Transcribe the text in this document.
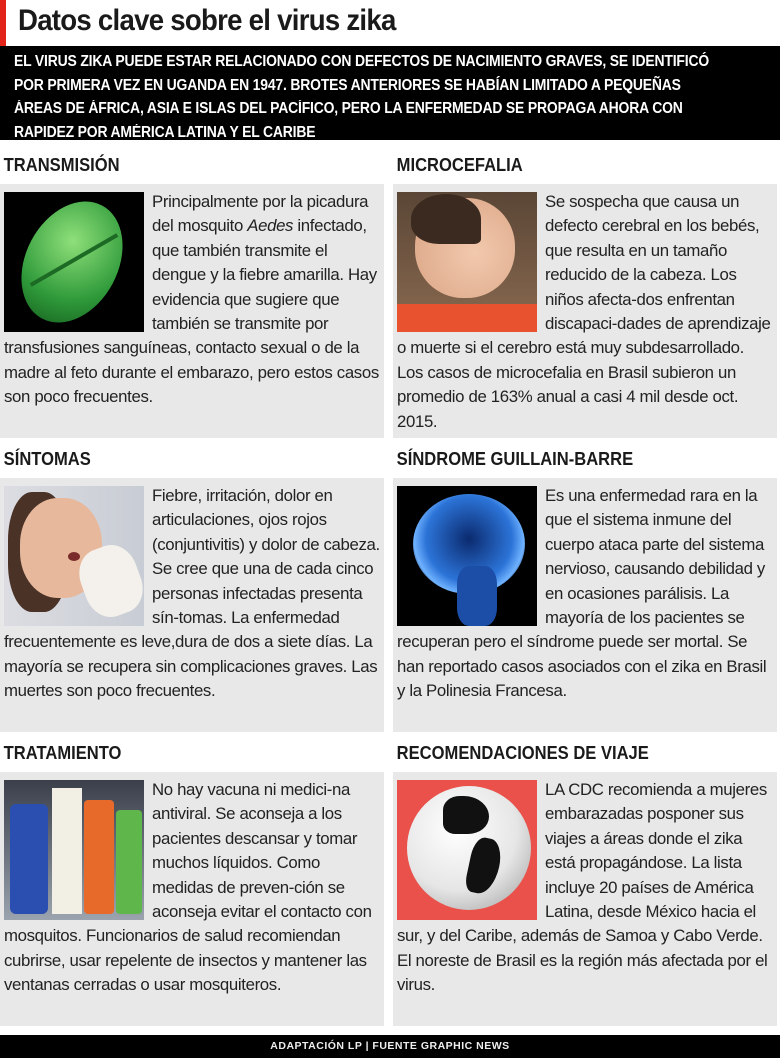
Datos clave sobre el virus zika
EL VIRUS ZIKA PUEDE ESTAR RELACIONADO CON DEFECTOS DE NACIMIENTO GRAVES, SE IDENTIFICÓ
POR PRIMERA VEZ EN UGANDA EN 1947. BROTES ANTERIORES SE HABÍAN LIMITADO A PEQUEÑAS
ÁREAS DE ÁFRICA, ASIA E ISLAS DEL PACÍFICO, PERO LA ENFERMEDAD SE PROPAGA AHORA CON
RAPIDEZ POR AMÉRICA LATINA Y EL CARIBE
TRANSMISIÓN

Principalmente por la picadura del mosquito Aedes infectado, que también transmite el dengue y la fiebre amarilla. Hay evidencia que sugiere que también se transmite por transfusiones sanguíneas, contacto sexual o de la madre al feto durante el embarazo, pero estos casos son poco frecuentes.

MICROCEFALIA

Se sospecha que causa un defecto cerebral en los bebés, que resulta en un tamaño reducido de la cabeza. Los niños afecta-dos enfrentan discapaci-dades de aprendizaje o muerte si el cerebro está muy subdesarrollado. Los casos de microcefalia en Brasil subieron un promedio de 163% anual a casi 4 mil desde oct. 2015.

SÍNTOMAS

Fiebre, irritación, dolor en articulaciones, ojos rojos (conjuntivitis) y dolor de cabeza. Se cree que una de cada cinco personas infectadas presenta sín-tomas. La enfermedad frecuentemente es leve,dura de dos a siete días. La mayoría se recupera sin complicaciones graves. Las muertes son poco frecuentes.

SÍNDROME GUILLAIN-BARRE

Es una enfermedad rara en la que el sistema inmune del cuerpo ataca parte del sistema nervioso, causando debilidad y en ocasiones parálisis. La mayoría de los pacientes se recuperan pero el síndrome puede ser mortal. Se han reportado casos asociados con el zika en Brasil y la Polinesia Francesa.

TRATAMIENTO

No hay vacuna ni medici-na antiviral. Se aconseja a los pacientes descansar y tomar muchos líquidos. Como medidas de preven-ción se aconseja evitar el contacto con mosquitos. Funcionarios de salud recomiendan cubrirse, usar repelente de insectos y mantener las ventanas cerradas o usar mosquiteros.

RECOMENDACIONES DE VIAJE

LA CDC recomienda a mujeres embarazadas posponer sus viajes a áreas donde el zika está propagándose. La lista incluye 20 países de América Latina, desde México hacia el sur, y del Caribe, además de Samoa y Cabo Verde. El noreste de Brasil es la región más afectada por el virus.

ADAPTACIÓN LP | FUENTE GRAPHIC NEWS
